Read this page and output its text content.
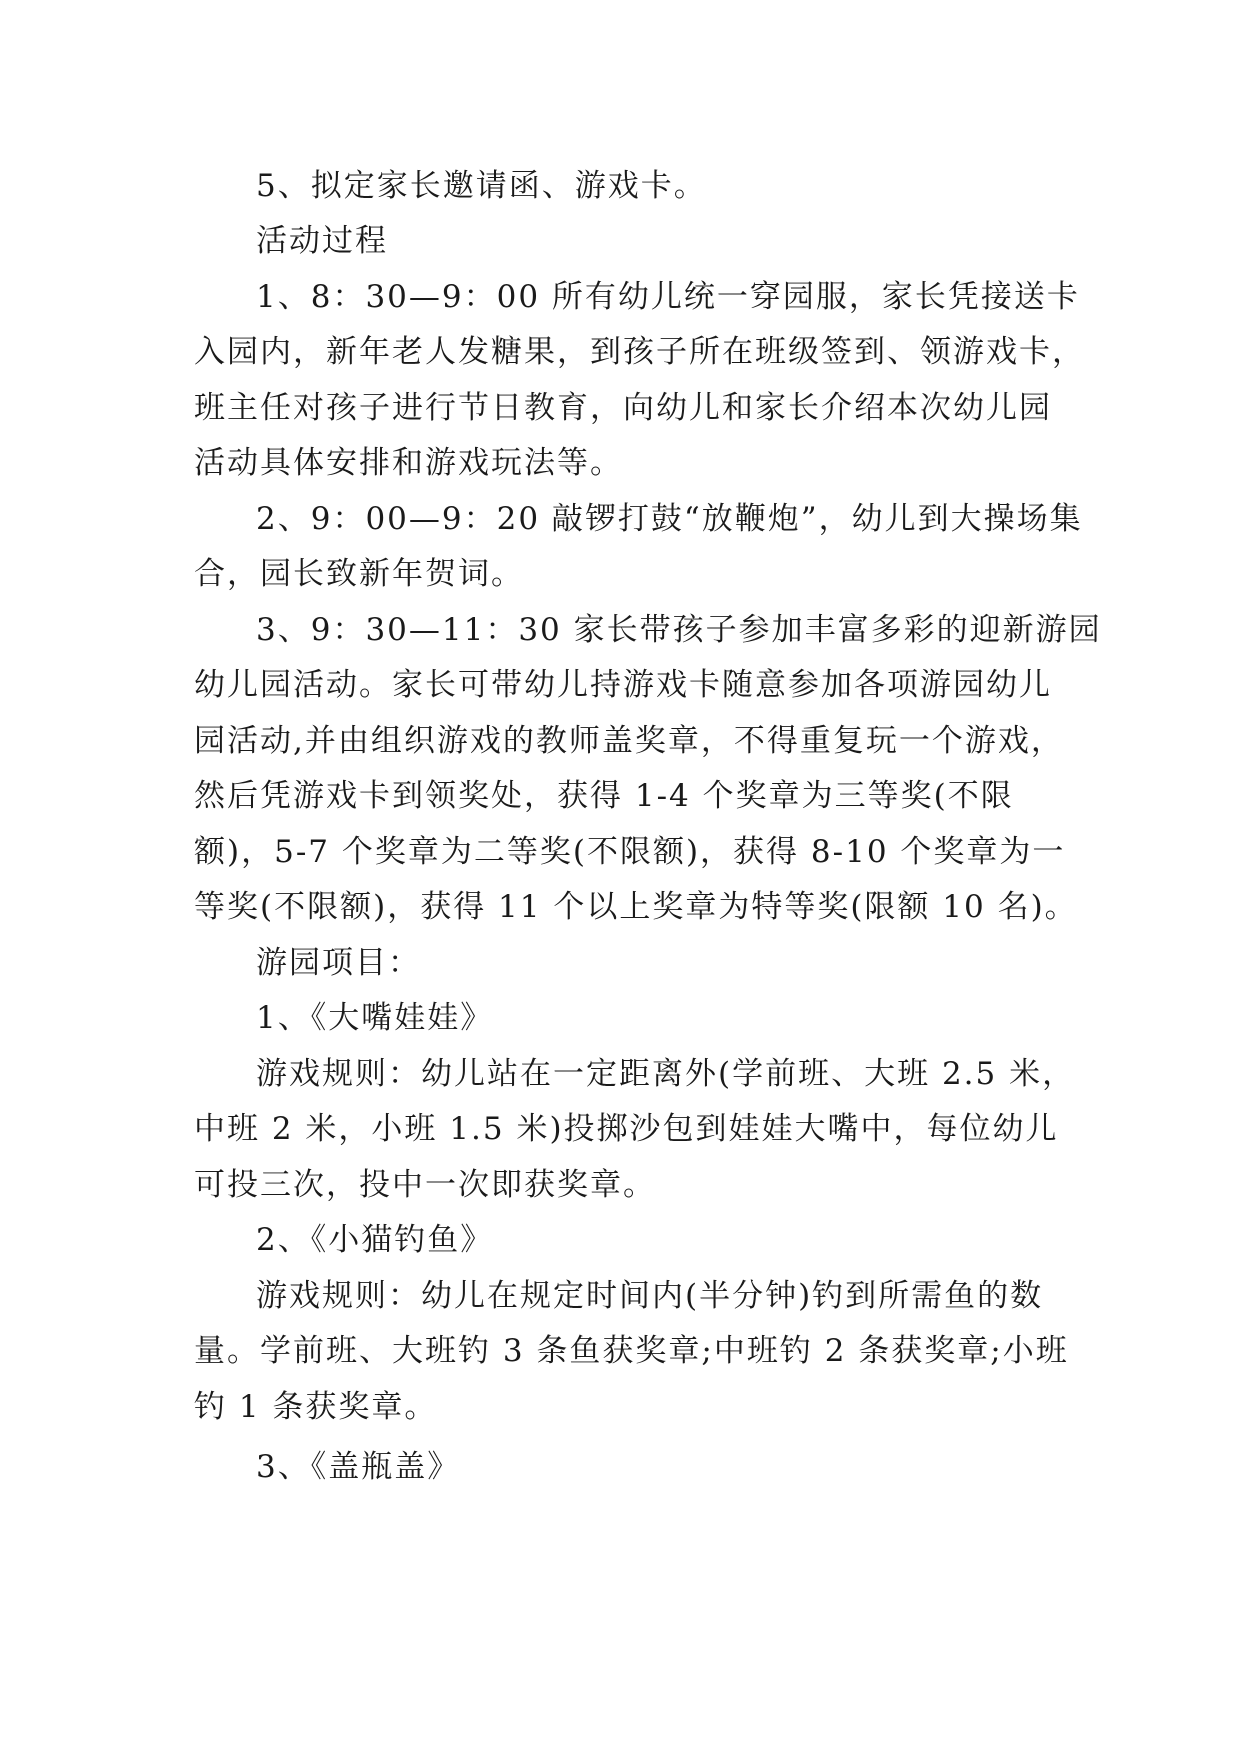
5、拟定家长邀请函、游戏卡。
活动过程
1、8：30—9：00 所有幼儿统一穿园服，家长凭接送卡
入园内，新年老人发糖果，到孩子所在班级签到、领游戏卡，
班主任对孩子进行节日教育，向幼儿和家长介绍本次幼儿园
活动具体安排和游戏玩法等。
2、9：00—9：20 敲锣打鼓“放鞭炮”，幼儿到大操场集
合，园长致新年贺词。
3、9：30—11：30 家长带孩子参加丰富多彩的迎新游园
幼儿园活动。家长可带幼儿持游戏卡随意参加各项游园幼儿
园活动,并由组织游戏的教师盖奖章，不得重复玩一个游戏，
然后凭游戏卡到领奖处，获得 1-4 个奖章为三等奖(不限
额)，5-7 个奖章为二等奖(不限额)，获得 8-10 个奖章为一
等奖(不限额)，获得 11 个以上奖章为特等奖(限额 10 名)。
游园项目：
1、《大嘴娃娃》
游戏规则：幼儿站在一定距离外(学前班、大班 2.5 米，
中班 2 米，小班 1.5 米)投掷沙包到娃娃大嘴中，每位幼儿
可投三次，投中一次即获奖章。
2、《小猫钓鱼》
游戏规则：幼儿在规定时间内(半分钟)钓到所需鱼的数
量。学前班、大班钓 3 条鱼获奖章;中班钓 2 条获奖章;小班
钓 1 条获奖章。
3、《盖瓶盖》
